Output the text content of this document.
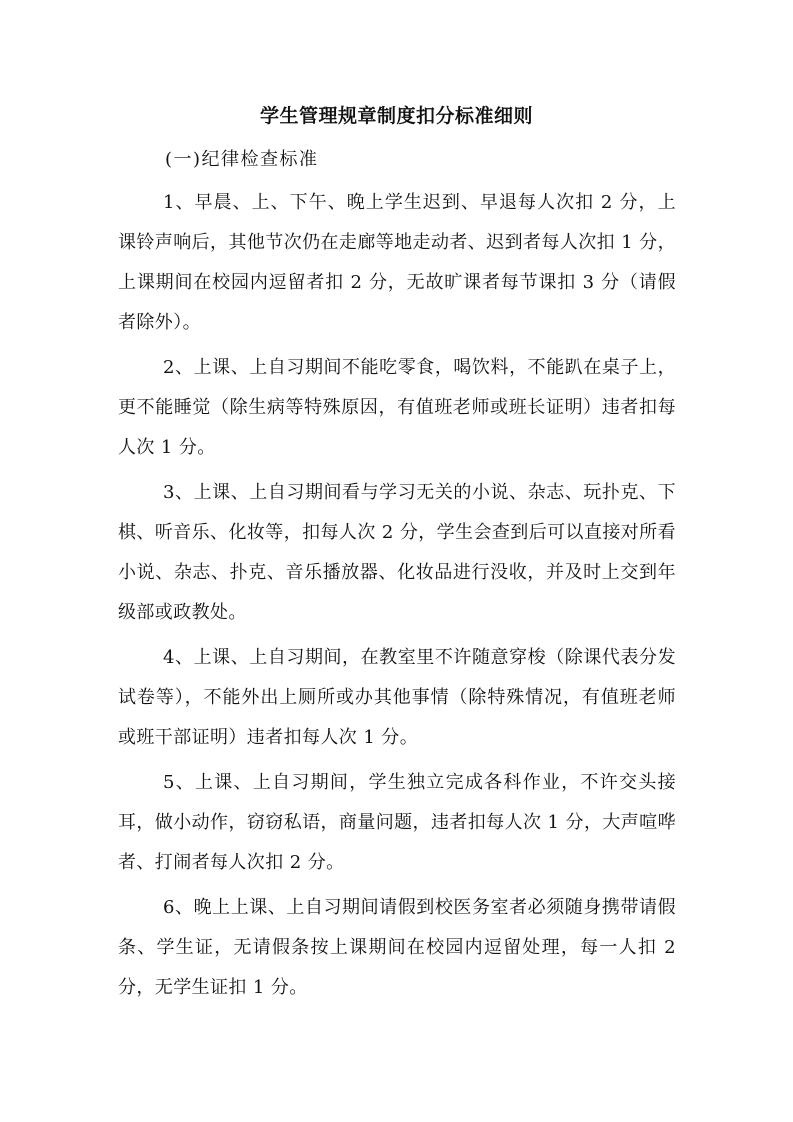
学生管理规章制度扣分标准细则
(一)纪律检查标准

1、早晨、上、下午、晚上学生迟到、早退每人次扣 2 分，上课铃声响后，其他节次仍在走廊等地走动者、迟到者每人次扣 1 分，上课期间在校园内逗留者扣 2 分，无故旷课者每节课扣 3 分（请假者除外）。

2、上课、上自习期间不能吃零食，喝饮料，不能趴在桌子上，更不能睡觉（除生病等特殊原因，有值班老师或班长证明）违者扣每人次 1 分。

3、上课、上自习期间看与学习无关的小说、杂志、玩扑克、下棋、听音乐、化妆等，扣每人次 2 分，学生会查到后可以直接对所看小说、杂志、扑克、音乐播放器、化妆品进行没收，并及时上交到年级部或政教处。

4、上课、上自习期间，在教室里不许随意穿梭（除课代表分发试卷等），不能外出上厕所或办其他事情（除特殊情况，有值班老师或班干部证明）违者扣每人次 1 分。

5、上课、上自习期间，学生独立完成各科作业，不许交头接耳，做小动作，窃窃私语，商量问题，违者扣每人次 1 分，大声喧哗者、打闹者每人次扣 2 分。

6、晚上上课、上自习期间请假到校医务室者必须随身携带请假条、学生证，无请假条按上课期间在校园内逗留处理，每一人扣 2 分，无学生证扣 1 分。
